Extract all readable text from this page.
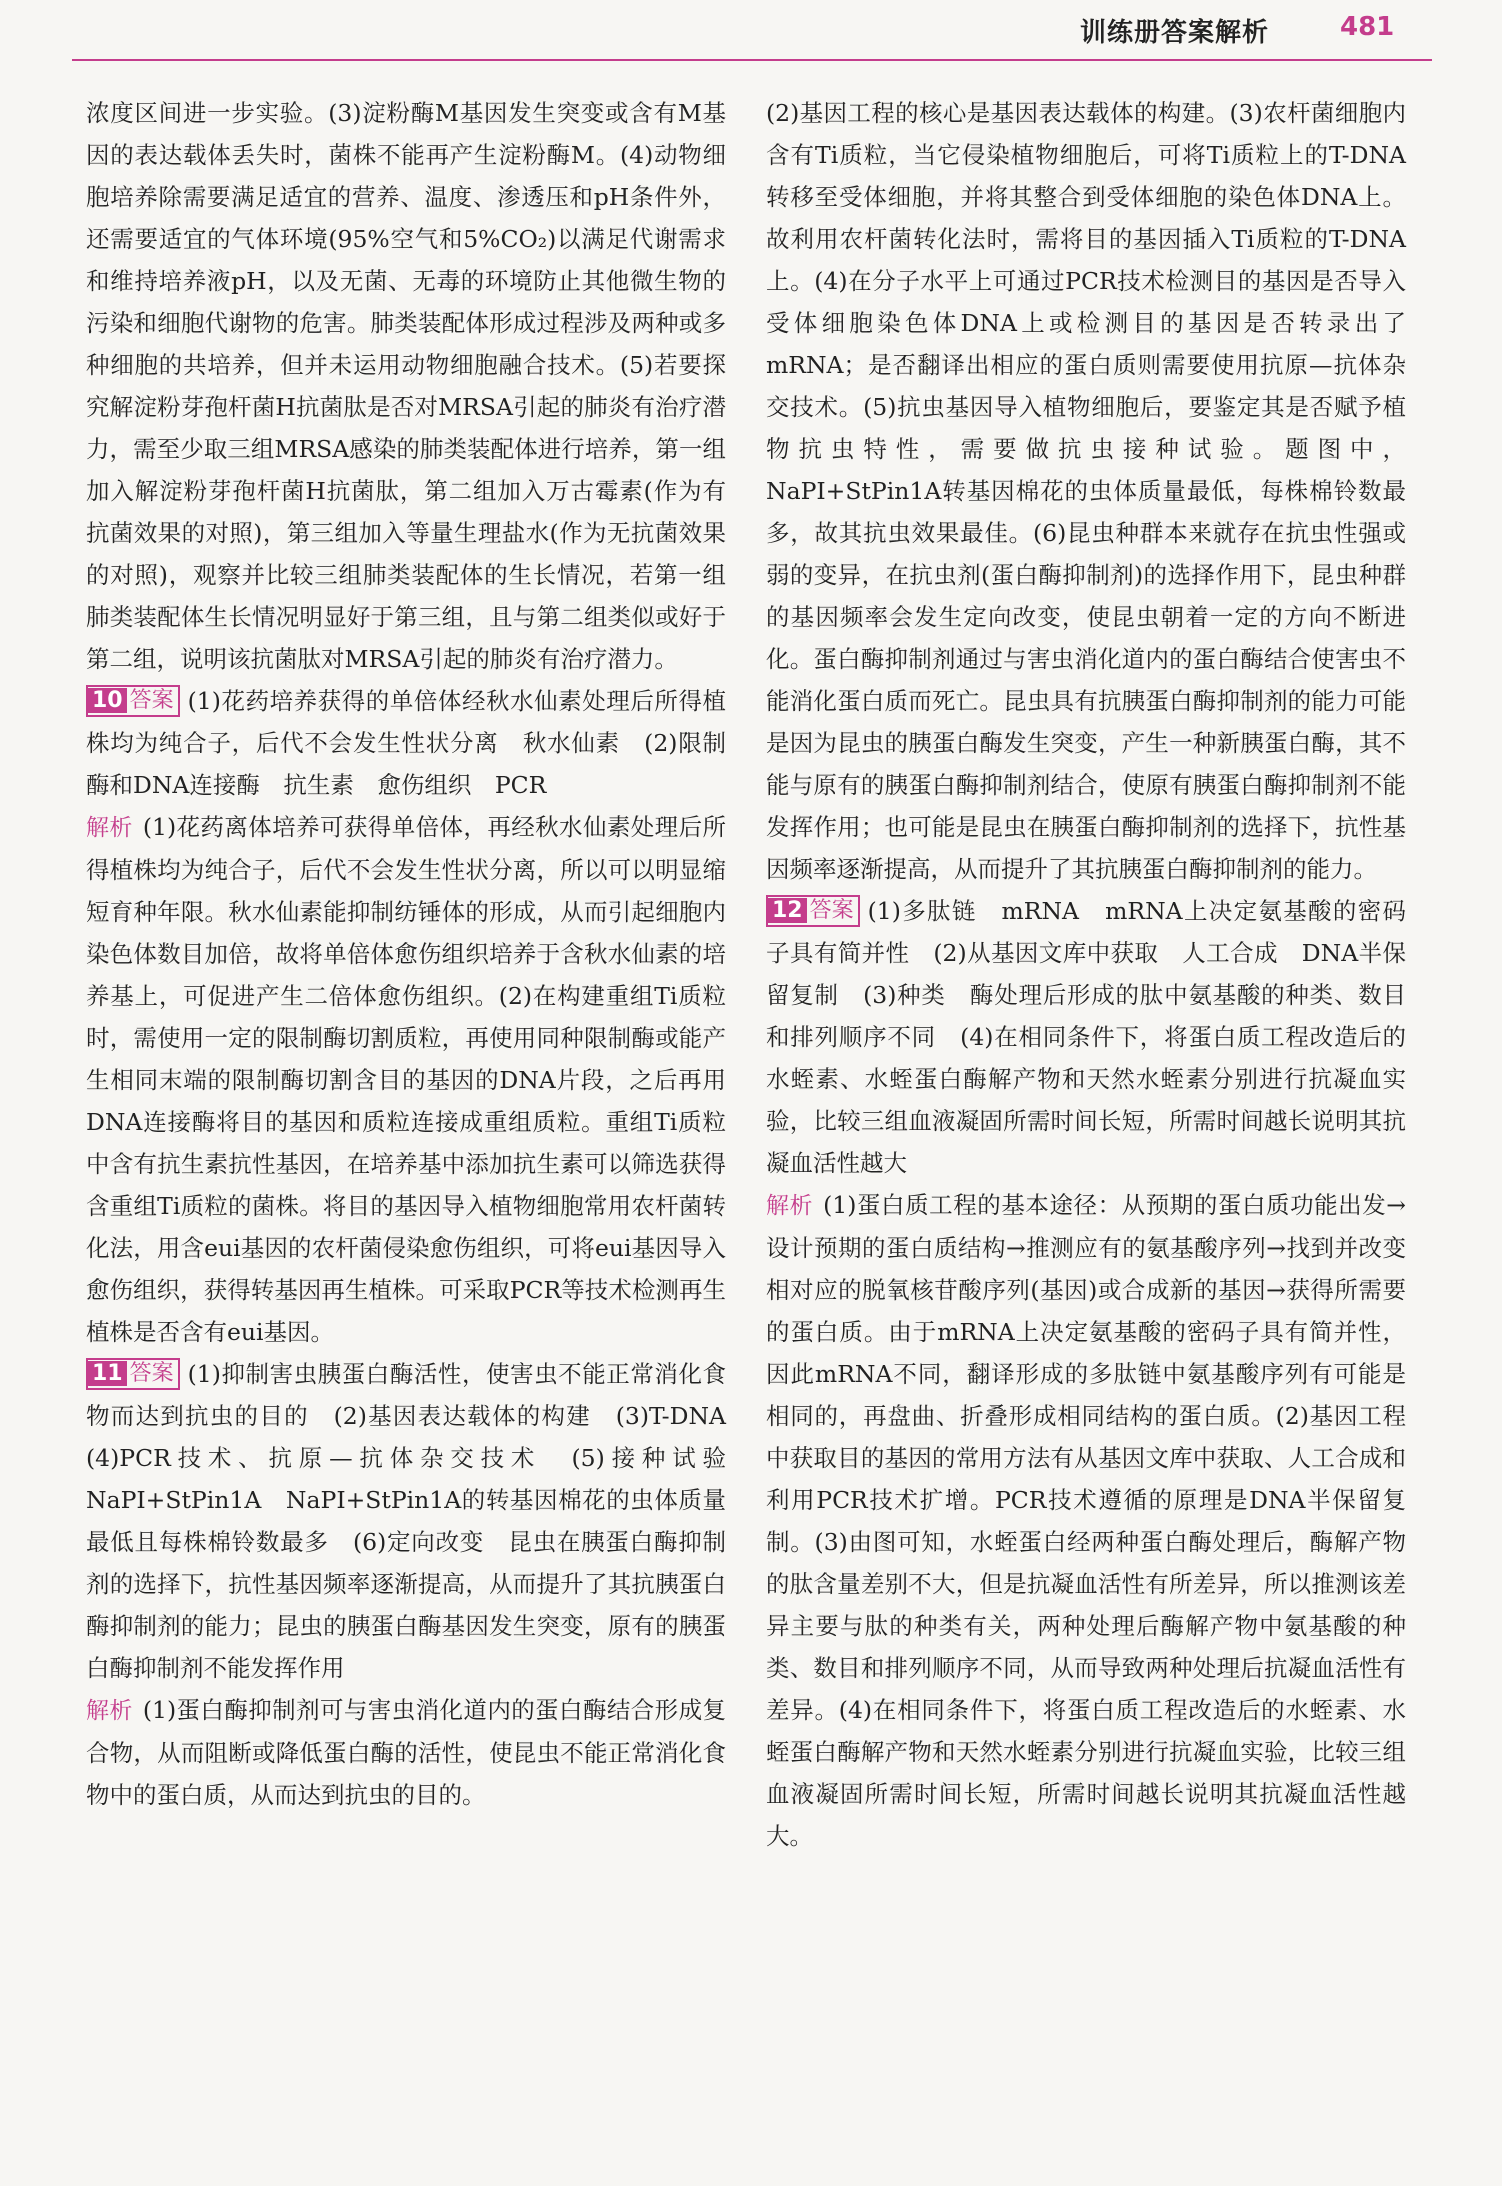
训练册答案解析	481

浓度区间进一步实验。(3)淀粉酶M基因发生突变或含有M基因的表达载体丢失时，菌株不能再产生淀粉酶M。(4)动物细胞培养除需要满足适宜的营养、温度、渗透压和pH条件外，还需要适宜的气体环境(95%空气和5%CO₂)以满足代谢需求和维持培养液pH，以及无菌、无毒的环境防止其他微生物的污染和细胞代谢物的危害。肺类装配体形成过程涉及两种或多种细胞的共培养，但并未运用动物细胞融合技术。(5)若要探究解淀粉芽孢杆菌H抗菌肽是否对MRSA引起的肺炎有治疗潜力，需至少取三组MRSA感染的肺类装配体进行培养，第一组加入解淀粉芽孢杆菌H抗菌肽，第二组加入万古霉素(作为有抗菌效果的对照)，第三组加入等量生理盐水(作为无抗菌效果的对照)，观察并比较三组肺类装配体的生长情况，若第一组肺类装配体生长情况明显好于第三组，且与第二组类似或好于第二组，说明该抗菌肽对MRSA引起的肺炎有治疗潜力。

10 答案 (1)花药培养获得的单倍体经秋水仙素处理后所得植株均为纯合子，后代不会发生性状分离　秋水仙素　(2)限制酶和DNA连接酶　抗生素　愈伤组织　PCR

解析 (1)花药离体培养可获得单倍体，再经秋水仙素处理后所得植株均为纯合子，后代不会发生性状分离，所以可以明显缩短育种年限。秋水仙素能抑制纺锤体的形成，从而引起细胞内染色体数目加倍，故将单倍体愈伤组织培养于含秋水仙素的培养基上，可促进产生二倍体愈伤组织。(2)在构建重组Ti质粒时，需使用一定的限制酶切割质粒，再使用同种限制酶或能产生相同末端的限制酶切割含目的基因的DNA片段，之后再用DNA连接酶将目的基因和质粒连接成重组质粒。重组Ti质粒中含有抗生素抗性基因，在培养基中添加抗生素可以筛选获得含重组Ti质粒的菌株。将目的基因导入植物细胞常用农杆菌转化法，用含eui基因的农杆菌侵染愈伤组织，可将eui基因导入愈伤组织，获得转基因再生植株。可采取PCR等技术检测再生植株是否含有eui基因。

11 答案 (1)抑制害虫胰蛋白酶活性，使害虫不能正常消化食物而达到抗虫的目的　(2)基因表达载体的构建　(3)T-DNA　(4)PCR技术、抗原—抗体杂交技术　(5)接种试验　NaPI+StPin1A　NaPI+StPin1A的转基因棉花的虫体质量最低且每株棉铃数最多　(6)定向改变　昆虫在胰蛋白酶抑制剂的选择下，抗性基因频率逐渐提高，从而提升了其抗胰蛋白酶抑制剂的能力；昆虫的胰蛋白酶基因发生突变，原有的胰蛋白酶抑制剂不能发挥作用

解析 (1)蛋白酶抑制剂可与害虫消化道内的蛋白酶结合形成复合物，从而阻断或降低蛋白酶的活性，使昆虫不能正常消化食物中的蛋白质，从而达到抗虫的目的。

(2)基因工程的核心是基因表达载体的构建。(3)农杆菌细胞内含有Ti质粒，当它侵染植物细胞后，可将Ti质粒上的T-DNA转移至受体细胞，并将其整合到受体细胞的染色体DNA上。故利用农杆菌转化法时，需将目的基因插入Ti质粒的T-DNA上。(4)在分子水平上可通过PCR技术检测目的基因是否导入受体细胞染色体DNA上或检测目的基因是否转录出了mRNA；是否翻译出相应的蛋白质则需要使用抗原—抗体杂交技术。(5)抗虫基因导入植物细胞后，要鉴定其是否赋予植物抗虫特性，需要做抗虫接种试验。题图中，NaPI+StPin1A转基因棉花的虫体质量最低，每株棉铃数最多，故其抗虫效果最佳。(6)昆虫种群本来就存在抗虫性强或弱的变异，在抗虫剂(蛋白酶抑制剂)的选择作用下，昆虫种群的基因频率会发生定向改变，使昆虫朝着一定的方向不断进化。蛋白酶抑制剂通过与害虫消化道内的蛋白酶结合使害虫不能消化蛋白质而死亡。昆虫具有抗胰蛋白酶抑制剂的能力可能是因为昆虫的胰蛋白酶发生突变，产生一种新胰蛋白酶，其不能与原有的胰蛋白酶抑制剂结合，使原有胰蛋白酶抑制剂不能发挥作用；也可能是昆虫在胰蛋白酶抑制剂的选择下，抗性基因频率逐渐提高，从而提升了其抗胰蛋白酶抑制剂的能力。

12 答案 (1)多肽链　mRNA　mRNA上决定氨基酸的密码子具有简并性　(2)从基因文库中获取　人工合成　DNA半保留复制　(3)种类　酶处理后形成的肽中氨基酸的种类、数目和排列顺序不同　(4)在相同条件下，将蛋白质工程改造后的水蛭素、水蛭蛋白酶解产物和天然水蛭素分别进行抗凝血实验，比较三组血液凝固所需时间长短，所需时间越长说明其抗凝血活性越大

解析 (1)蛋白质工程的基本途径：从预期的蛋白质功能出发→设计预期的蛋白质结构→推测应有的氨基酸序列→找到并改变相对应的脱氧核苷酸序列(基因)或合成新的基因→获得所需要的蛋白质。由于mRNA上决定氨基酸的密码子具有简并性，因此mRNA不同，翻译形成的多肽链中氨基酸序列有可能是相同的，再盘曲、折叠形成相同结构的蛋白质。(2)基因工程中获取目的基因的常用方法有从基因文库中获取、人工合成和利用PCR技术扩增。PCR技术遵循的原理是DNA半保留复制。(3)由图可知，水蛭蛋白经两种蛋白酶处理后，酶解产物的肽含量差别不大，但是抗凝血活性有所差异，所以推测该差异主要与肽的种类有关，两种处理后酶解产物中氨基酸的种类、数目和排列顺序不同，从而导致两种处理后抗凝血活性有差异。(4)在相同条件下，将蛋白质工程改造后的水蛭素、水蛭蛋白酶解产物和天然水蛭素分别进行抗凝血实验，比较三组血液凝固所需时间长短，所需时间越长说明其抗凝血活性越大。
